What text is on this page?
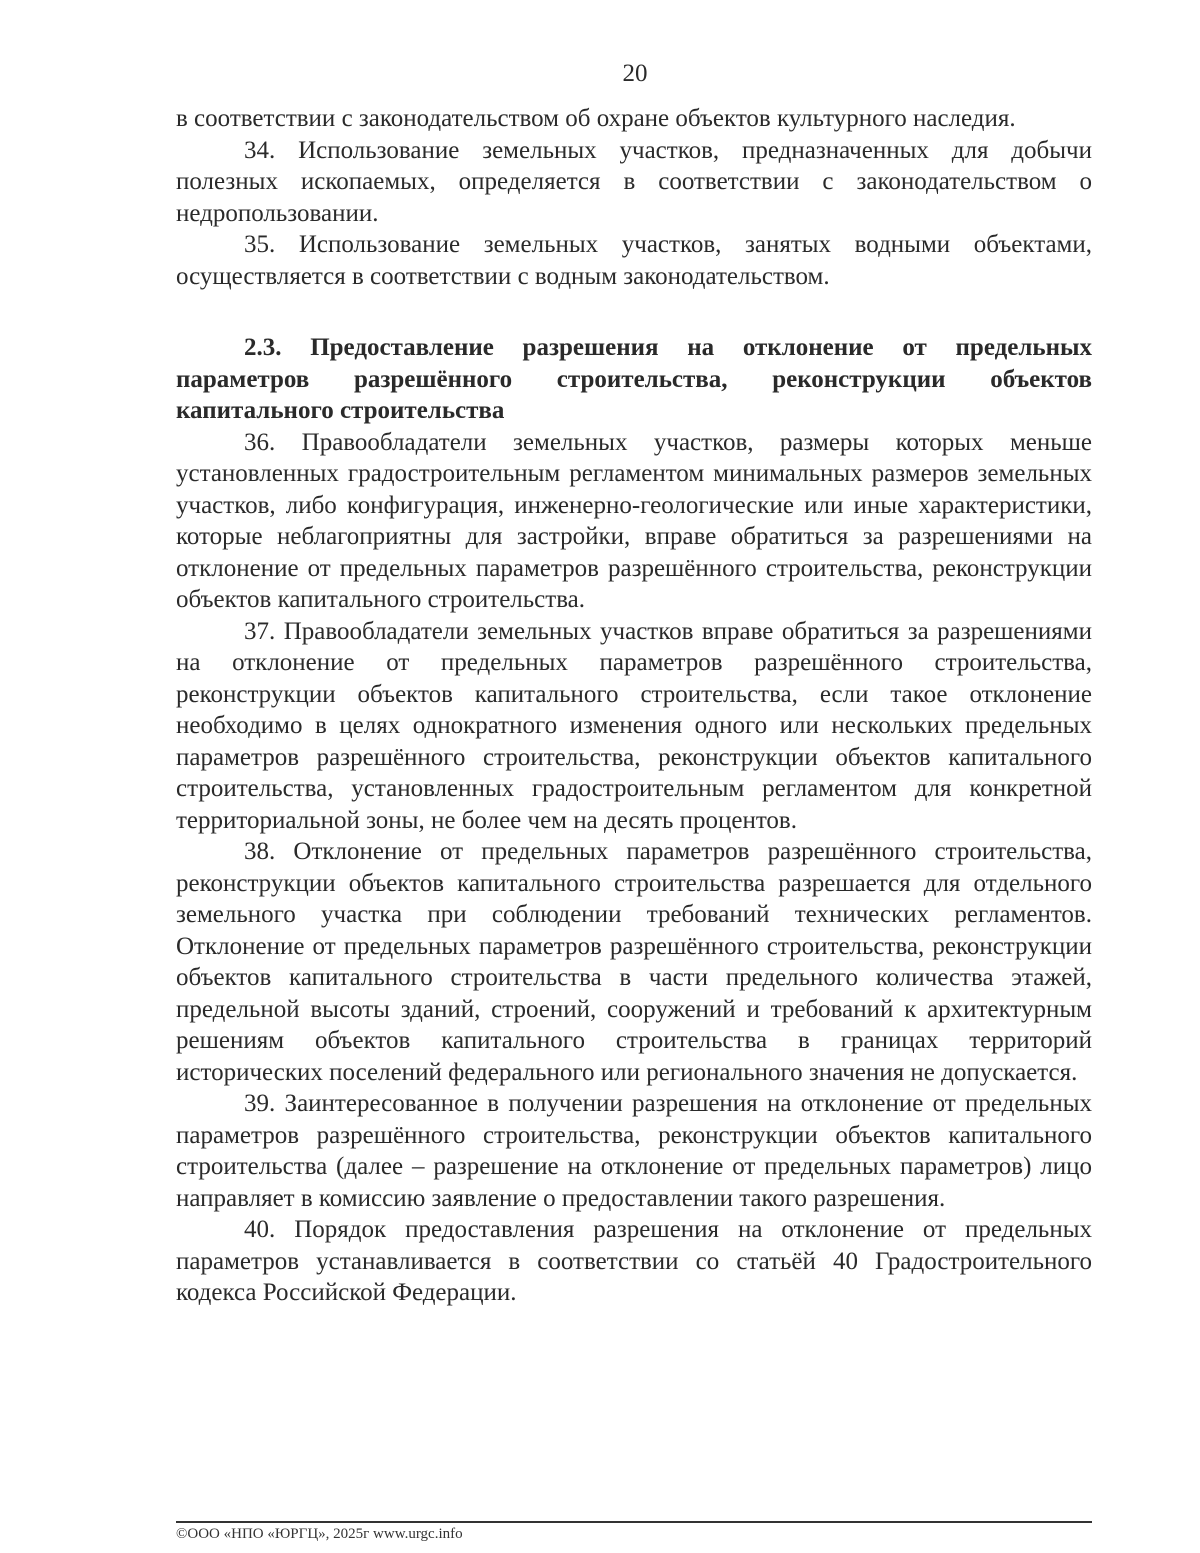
20

в соответствии с законодательством об охране объектов культурного наследия.

34. Использование земельных участков, предназначенных для добычи полезных ископаемых, определяется в соответствии с законодательством о недропользовании.

35. Использование земельных участков, занятых водными объектами, осуществляется в соответствии с водным законодательством.

2.3. Предоставление разрешения на отклонение от предельных параметров разрешённого строительства, реконструкции объектов капитального строительства

36. Правообладатели земельных участков, размеры которых меньше установленных градостроительным регламентом минимальных размеров земельных участков, либо конфигурация, инженерно-геологические или иные характеристики, которые неблагоприятны для застройки, вправе обратиться за разрешениями на отклонение от предельных параметров разрешённого строительства, реконструкции объектов капитального строительства.

37. Правообладатели земельных участков вправе обратиться за разрешениями на отклонение от предельных параметров разрешённого строительства, реконструкции объектов капитального строительства, если такое отклонение необходимо в целях однократного изменения одного или нескольких предельных параметров разрешённого строительства, реконструкции объектов капитального строительства, установленных градостроительным регламентом для конкретной территориальной зоны, не более чем на десять процентов.

38. Отклонение от предельных параметров разрешённого строительства, реконструкции объектов капитального строительства разрешается для отдельного земельного участка при соблюдении требований технических регламентов. Отклонение от предельных параметров разрешённого строительства, реконструкции объектов капитального строительства в части предельного количества этажей, предельной высоты зданий, строений, сооружений и требований к архитектурным решениям объектов капитального строительства в границах территорий исторических поселений федерального или регионального значения не допускается.

39. Заинтересованное в получении разрешения на отклонение от предельных параметров разрешённого строительства, реконструкции объектов капитального строительства (далее – разрешение на отклонение от предельных параметров) лицо направляет в комиссию заявление о предоставлении такого разрешения.

40. Порядок предоставления разрешения на отклонение от предельных параметров устанавливается в соответствии со статьёй 40 Градостроительного кодекса Российской Федерации.

©ООО «НПО «ЮРГЦ», 2025г www.urgc.info
